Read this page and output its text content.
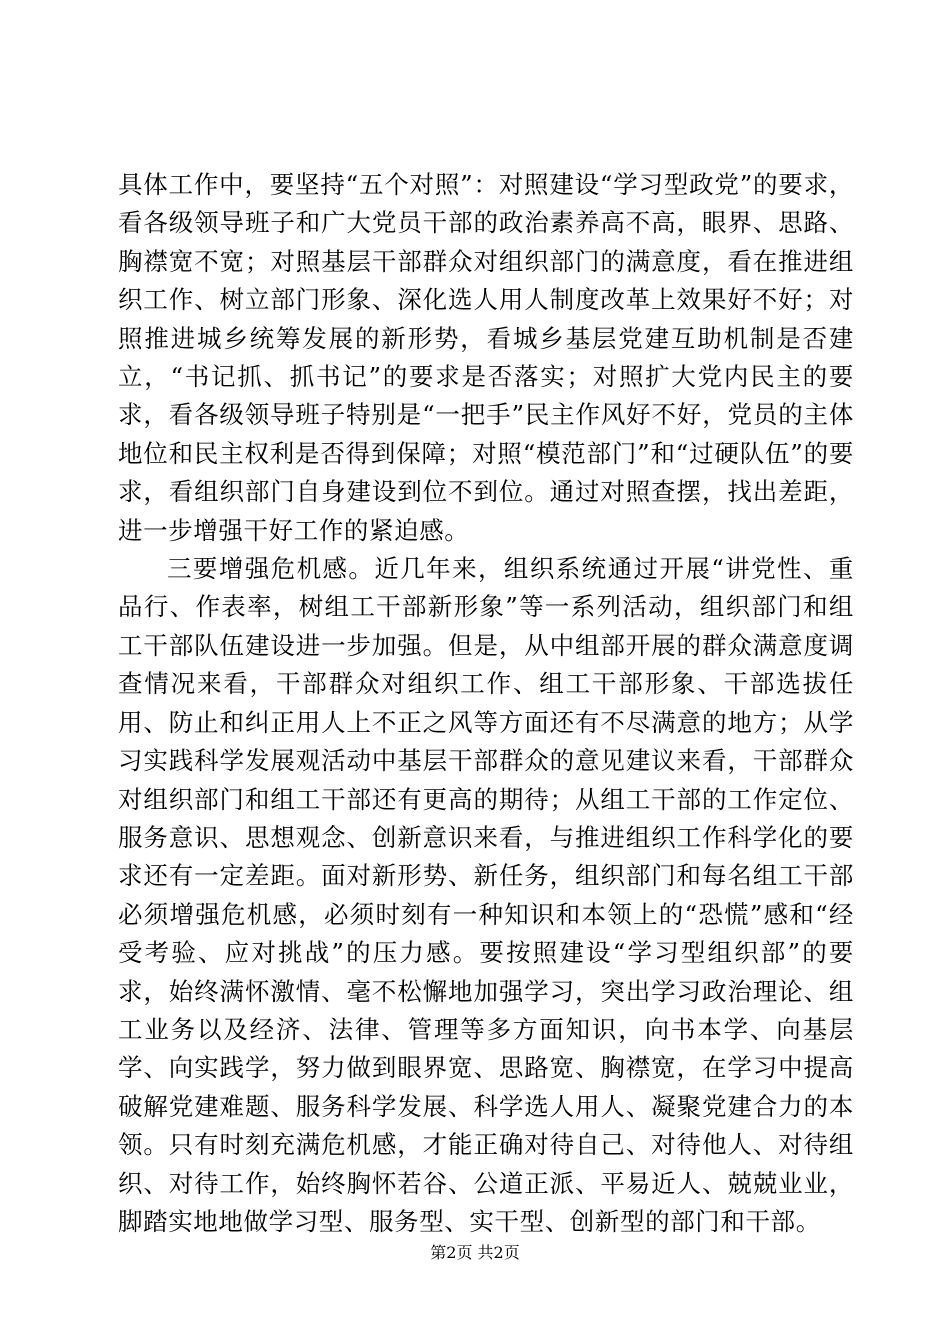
具体工作中，要坚持“五个对照”：对照建设“学习型政党”的要求，看各级领导班子和广大党员干部的政治素养高不高，眼界、思路、胸襟宽不宽；对照基层干部群众对组织部门的满意度，看在推进组织工作、树立部门形象、深化选人用人制度改革上效果好不好；对照推进城乡统筹发展的新形势，看城乡基层党建互助机制是否建立，“书记抓、抓书记”的要求是否落实；对照扩大党内民主的要求，看各级领导班子特别是“一把手”民主作风好不好，党员的主体地位和民主权利是否得到保障；对照“模范部门”和“过硬队伍”的要求，看组织部门自身建设到位不到位。通过对照查摆，找出差距，进一步增强干好工作的紧迫感。

三要增强危机感。近几年来，组织系统通过开展“讲党性、重品行、作表率，树组工干部新形象”等一系列活动，组织部门和组工干部队伍建设进一步加强。但是，从中组部开展的群众满意度调查情况来看，干部群众对组织工作、组工干部形象、干部选拔任用、防止和纠正用人上不正之风等方面还有不尽满意的地方；从学习实践科学发展观活动中基层干部群众的意见建议来看，干部群众对组织部门和组工干部还有更高的期待；从组工干部的工作定位、服务意识、思想观念、创新意识来看，与推进组织工作科学化的要求还有一定差距。面对新形势、新任务，组织部门和每名组工干部必须增强危机感，必须时刻有一种知识和本领上的“恐慌”感和“经受考验、应对挑战”的压力感。要按照建设“学习型组织部”的要求，始终满怀激情、毫不松懈地加强学习，突出学习政治理论、组工业务以及经济、法律、管理等多方面知识，向书本学、向基层学、向实践学，努力做到眼界宽、思路宽、胸襟宽，在学习中提高破解党建难题、服务科学发展、科学选人用人、凝聚党建合力的本领。只有时刻充满危机感，才能正确对待自己、对待他人、对待组织、对待工作，始终胸怀若谷、公道正派、平易近人、兢兢业业，脚踏实地地做学习型、服务型、实干型、创新型的部门和干部。

第2页 共2页
